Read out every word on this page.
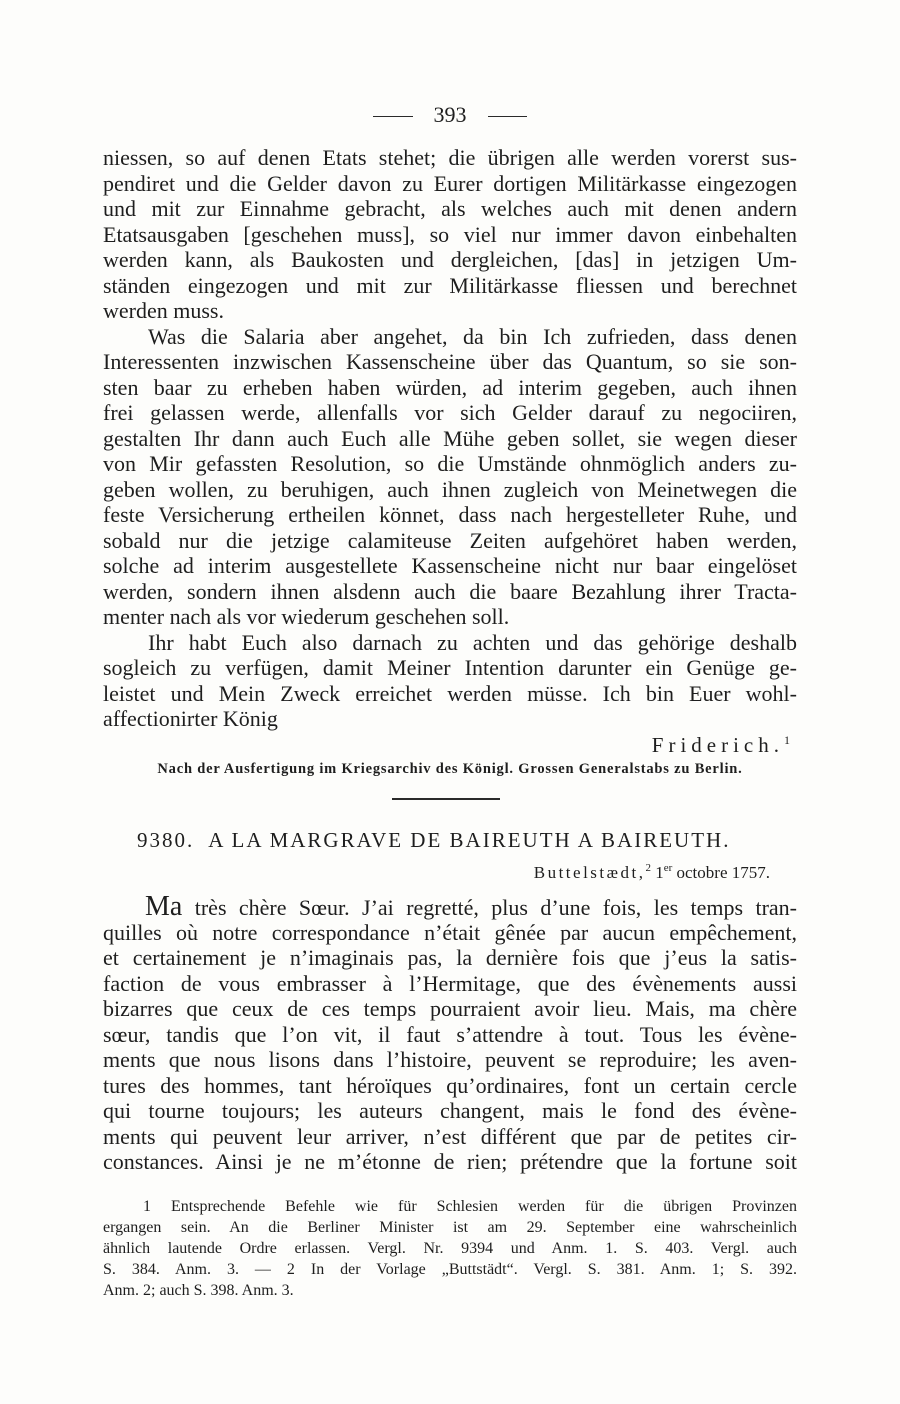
393
niessen, so auf denen Etats stehet; die übrigen alle werden vorerst sus-
pendiret und die Gelder davon zu Eurer dortigen Militärkasse eingezogen
und mit zur Einnahme gebracht, als welches auch mit denen andern
Etatsausgaben [geschehen muss], so viel nur immer davon einbehalten
werden kann, als Baukosten und dergleichen, [das] in jetzigen Um-
ständen eingezogen und mit zur Militärkasse fliessen und berechnet
werden muss.
Was die Salaria aber angehet, da bin Ich zufrieden, dass denen
Interessenten inzwischen Kassenscheine über das Quantum, so sie son-
sten baar zu erheben haben würden, ad interim gegeben, auch ihnen
frei gelassen werde, allenfalls vor sich Gelder darauf zu negociiren,
gestalten Ihr dann auch Euch alle Mühe geben sollet, sie wegen dieser
von Mir gefassten Resolution, so die Umstände ohnmöglich anders zu-
geben wollen, zu beruhigen, auch ihnen zugleich von Meinetwegen die
feste Versicherung ertheilen könnet, dass nach hergestelleter Ruhe, und
sobald nur die jetzige calamiteuse Zeiten aufgehöret haben werden,
solche ad interim ausgestellete Kassenscheine nicht nur baar eingelöset
werden, sondern ihnen alsdenn auch die baare Bezahlung ihrer Tracta-
menter nach als vor wiederum geschehen soll.
Ihr habt Euch also darnach zu achten und das gehörige deshalb
sogleich zu verfügen, damit Meiner Intention darunter ein Genüge ge-
leistet und Mein Zweck erreichet werden müsse. Ich bin Euer wohl-
affectionirter König
Friderich.$^1$
Nach der Ausfertigung im Kriegsarchiv des Königl. Grossen Generalstabs zu Berlin.
9380. A LA MARGRAVE DE BAIREUTH A BAIREUTH.
Buttelstædt,$^2$ 1er octobre 1757.
Ma très chère Sœur. J’ai regretté, plus d’une fois, les temps tran-
quilles où notre correspondance n’était gênée par aucun empêchement,
et certainement je n’imaginais pas, la dernière fois que j’eus la satis-
faction de vous embrasser à l’Hermitage, que des évènements aussi
bizarres que ceux de ces temps pourraient avoir lieu. Mais, ma chère
sœur, tandis que l’on vit, il faut s’attendre à tout. Tous les évène-
ments que nous lisons dans l’histoire, peuvent se reproduire; les aven-
tures des hommes, tant héroïques qu’ordinaires, font un certain cercle
qui tourne toujours; les auteurs changent, mais le fond des évène-
ments qui peuvent leur arriver, n’est différent que par de petites cir-
constances. Ainsi je ne m’étonne de rien; prétendre que la fortune soit
1 Entsprechende Befehle wie für Schlesien werden für die übrigen Provinzen
ergangen sein. An die Berliner Minister ist am 29. September eine wahrscheinlich
ähnlich lautende Ordre erlassen. Vergl. Nr. 9394 und Anm. 1. S. 403. Vergl. auch
S. 384. Anm. 3. — 2 In der Vorlage „Buttstädt“. Vergl. S. 381. Anm. 1; S. 392.
Anm. 2; auch S. 398. Anm. 3.
